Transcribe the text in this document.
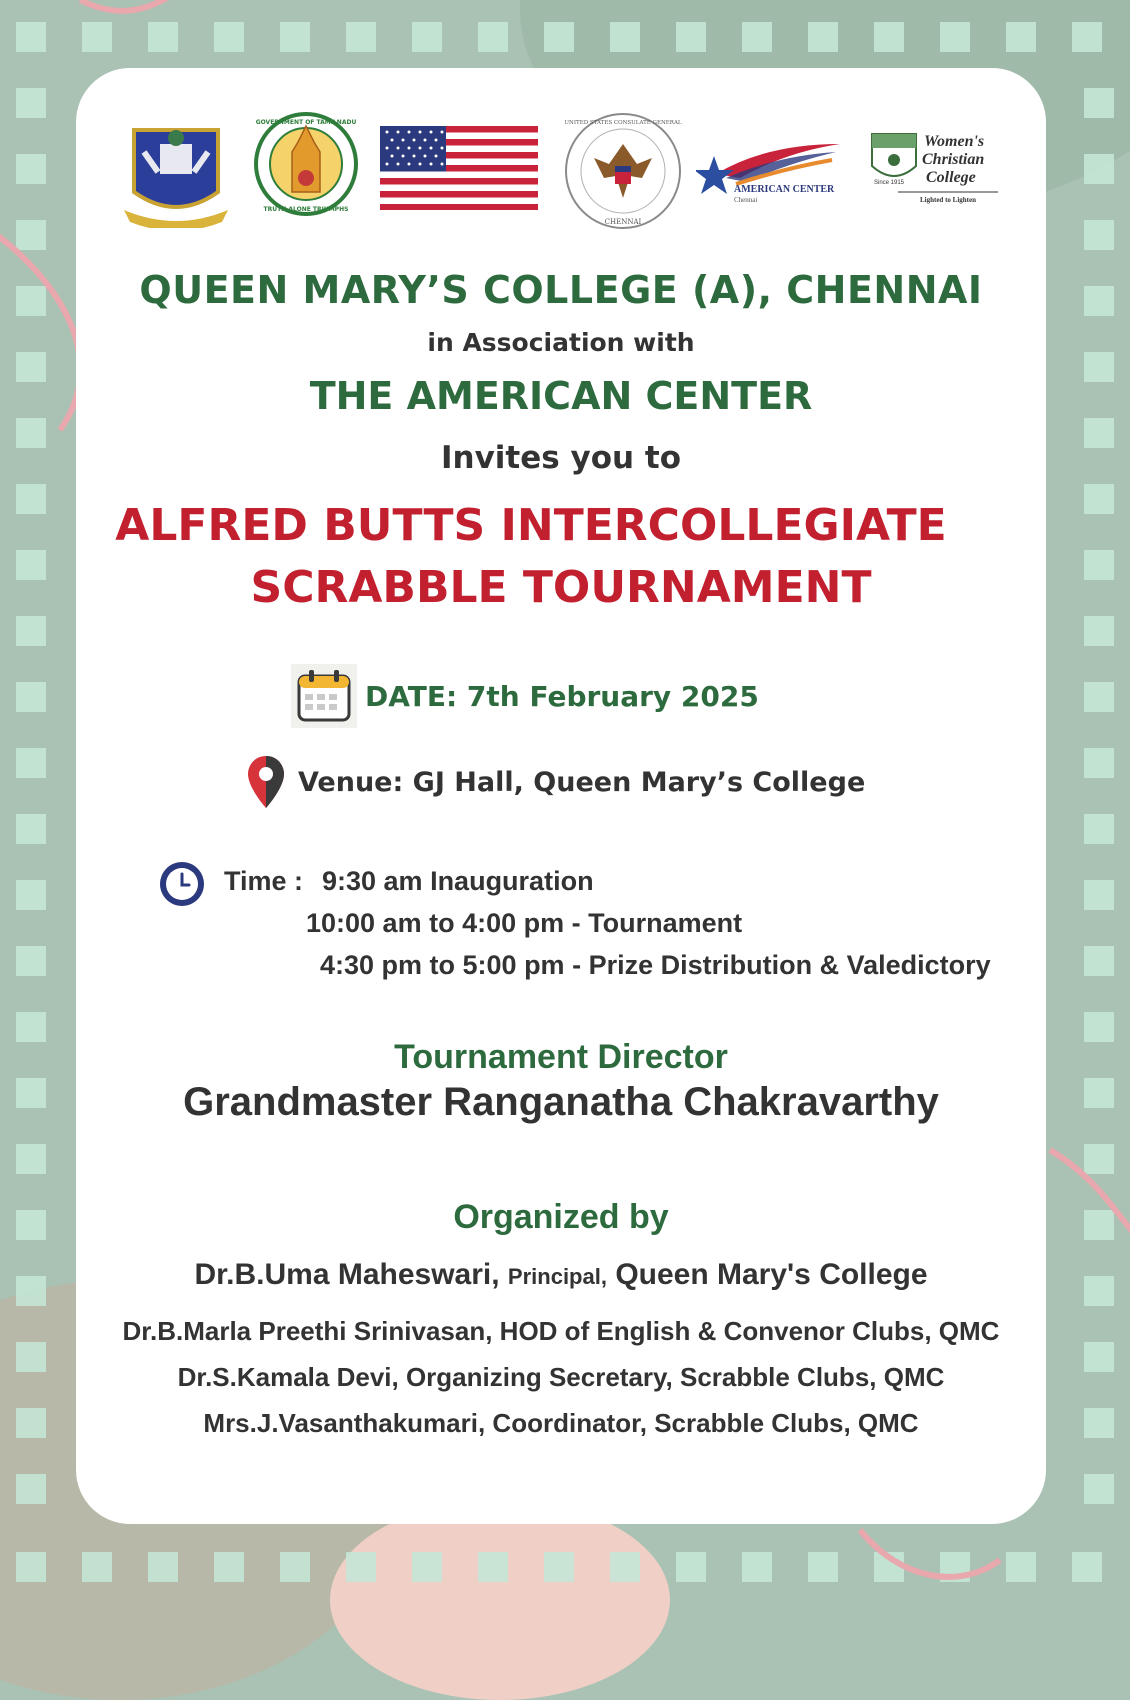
GOVERNMENT OF TAMILNADU
TRUTH ALONE TRIUMPHS
UNITED STATES CONSULATE GENERAL
CHENNAI
AMERICAN CENTER
Chennai
Women's
Christian
College
Since 1915
Lighted to Lighten
QUEEN MARY’S COLLEGE (A), CHENNAI
in Association with
THE AMERICAN CENTER
Invites you to
ALFRED BUTTS INTERCOLLEGIATE
SCRABBLE TOURNAMENT
DATE: 7th February 2025
Venue: GJ Hall, Queen Mary’s College
Time : 9:30 am Inauguration
10:00 am to 4:00 pm - Tournament
4:30 pm to 5:00 pm - Prize Distribution & Valedictory
Tournament Director
Grandmaster Ranganatha Chakravarthy
Organized by
Dr.B.Uma Maheswari, Principal, Queen Mary's College
Dr.B.Marla Preethi Srinivasan, HOD of English & Convenor Clubs, QMC
Dr.S.Kamala Devi, Organizing Secretary, Scrabble Clubs, QMC
Mrs.J.Vasanthakumari, Coordinator, Scrabble Clubs, QMC
